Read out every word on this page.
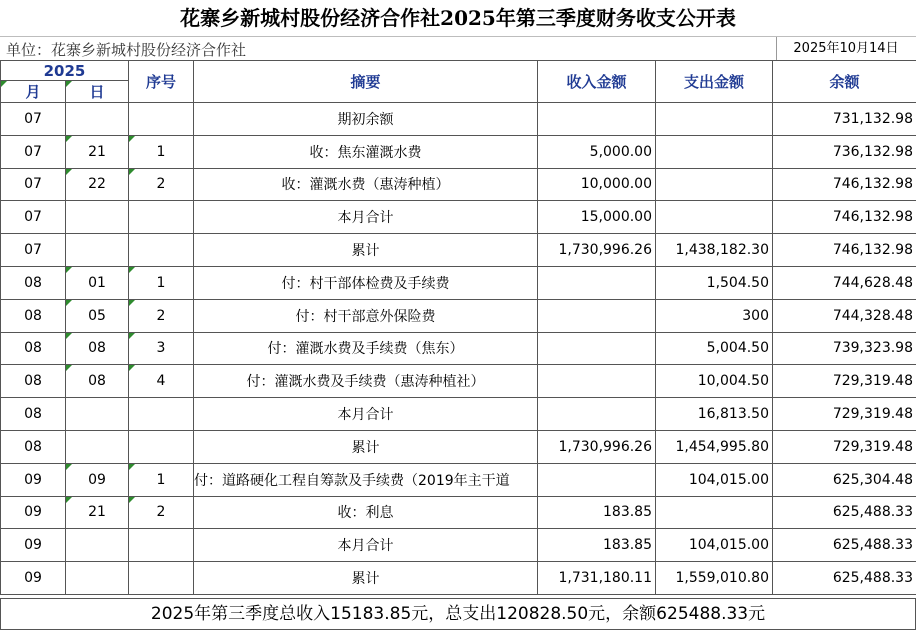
花寨乡新城村股份经济合作社2025年第三季度财务收支公开表
单位：花寨乡新城村股份经济合作社	2025年10月14日
2025		序号	摘要	收入金额	支出金额	余额
月	日					
07			期初余额			731,132.98
07	21	1	收：焦东灌溉水费	5,000.00		736,132.98
07	22	2	收：灌溉水费（惠涛种植）	10,000.00		746,132.98
07			本月合计	15,000.00		746,132.98
07			累计	1,730,996.26	1,438,182.30	746,132.98
08	01	1	付：村干部体检费及手续费		1,504.50	744,628.48
08	05	2	付：村干部意外保险费		300	744,328.48
08	08	3	付：灌溉水费及手续费（焦东）		5,004.50	739,323.98
08	08	4	付：灌溉水费及手续费（惠涛种植社）		10,004.50	729,319.48
08			本月合计		16,813.50	729,319.48
08			累计	1,730,996.26	1,454,995.80	729,319.48
09	09	1	付：道路硬化工程自筹款及手续费（2019年主干道		104,015.00	625,304.48
09	21	2	收：利息	183.85		625,488.33
09			本月合计	183.85	104,015.00	625,488.33
09			累计	1,731,180.11	1,559,010.80	625,488.33
2025年第三季度总收入15183.85元，总支出120828.50元，余额625488.33元
